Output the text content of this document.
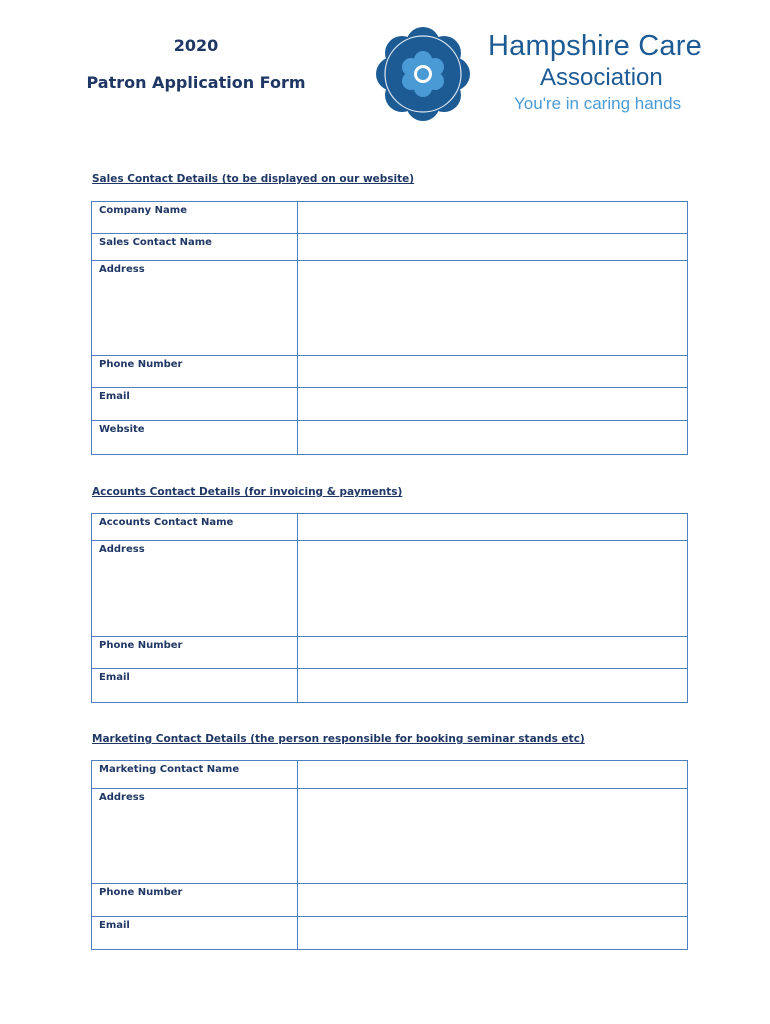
2020

Patron Application Form

Hampshire Care
Association
You're in caring hands

Sales Contact Details (to be displayed on our website)

Company Name	
Sales Contact Name	
Address	
Phone Number	
Email	
Website	

Accounts Contact Details (for invoicing & payments)

Accounts Contact Name	
Address	
Phone Number	
Email	

Marketing Contact Details (the person responsible for booking seminar stands etc)

Marketing Contact Name	
Address	
Phone Number	
Email	
